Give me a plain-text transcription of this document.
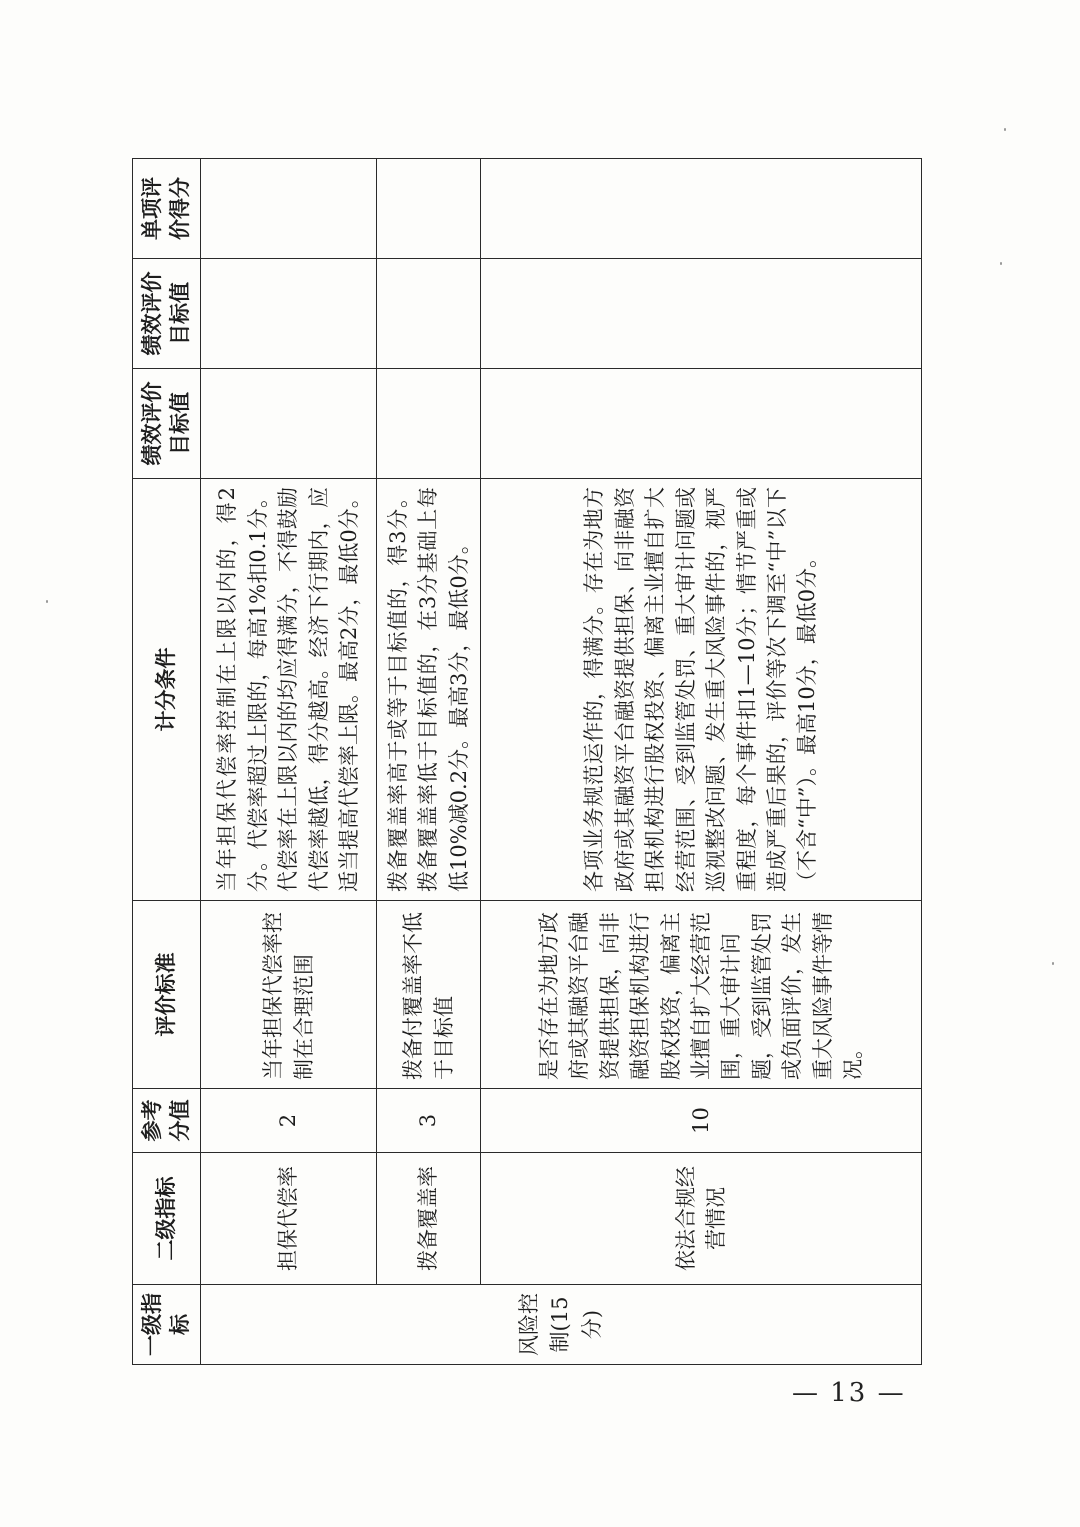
一级指标	二级指标	参考分值	评价标准	计分条件	绩效评价目标值	绩效评价目标值	单项评价得分
风险控制(15分)	担保代偿率	2	当年担保代偿率控制在合理范围	当年担保代偿率控制在上限以内的，得2分。代偿率超过上限的，每高1%扣0.1分。代偿率在上限以内的均应得满分，不得鼓励代偿率越低，得分越高。经济下行期内，应适当提高代偿率上限。最高2分，最低0分。			
	拨备覆盖率	3	拨备付覆盖率不低于目标值	拨备覆盖率高于或等于目标值的，得3分。拨备覆盖率低于目标值的，在3分基础上每低10%减0.2分。最高3分，最低0分。			
	依法合规经营情况	10	是否存在为地方政府或其融资平台融资提供担保，向非融资担保机构进行股权投资，偏离主业擅自扩大经营范围，重大审计问题，受到监管处罚或负面评价，发生重大风险事件等情况。	各项业务规范运作的，得满分。存在为地方政府或其融资平台融资提供担保、向非融资担保机构进行股权投资、偏离主业擅自扩大经营范围、受到监管处罚、重大审计问题或巡视整改问题、发生重大风险事件的，视严重程度，每个事件扣1—10分；情节严重或造成严重后果的，评价等次下调至“中”以下（不含“中”）。最高10分，最低0分。			
— 13 —
